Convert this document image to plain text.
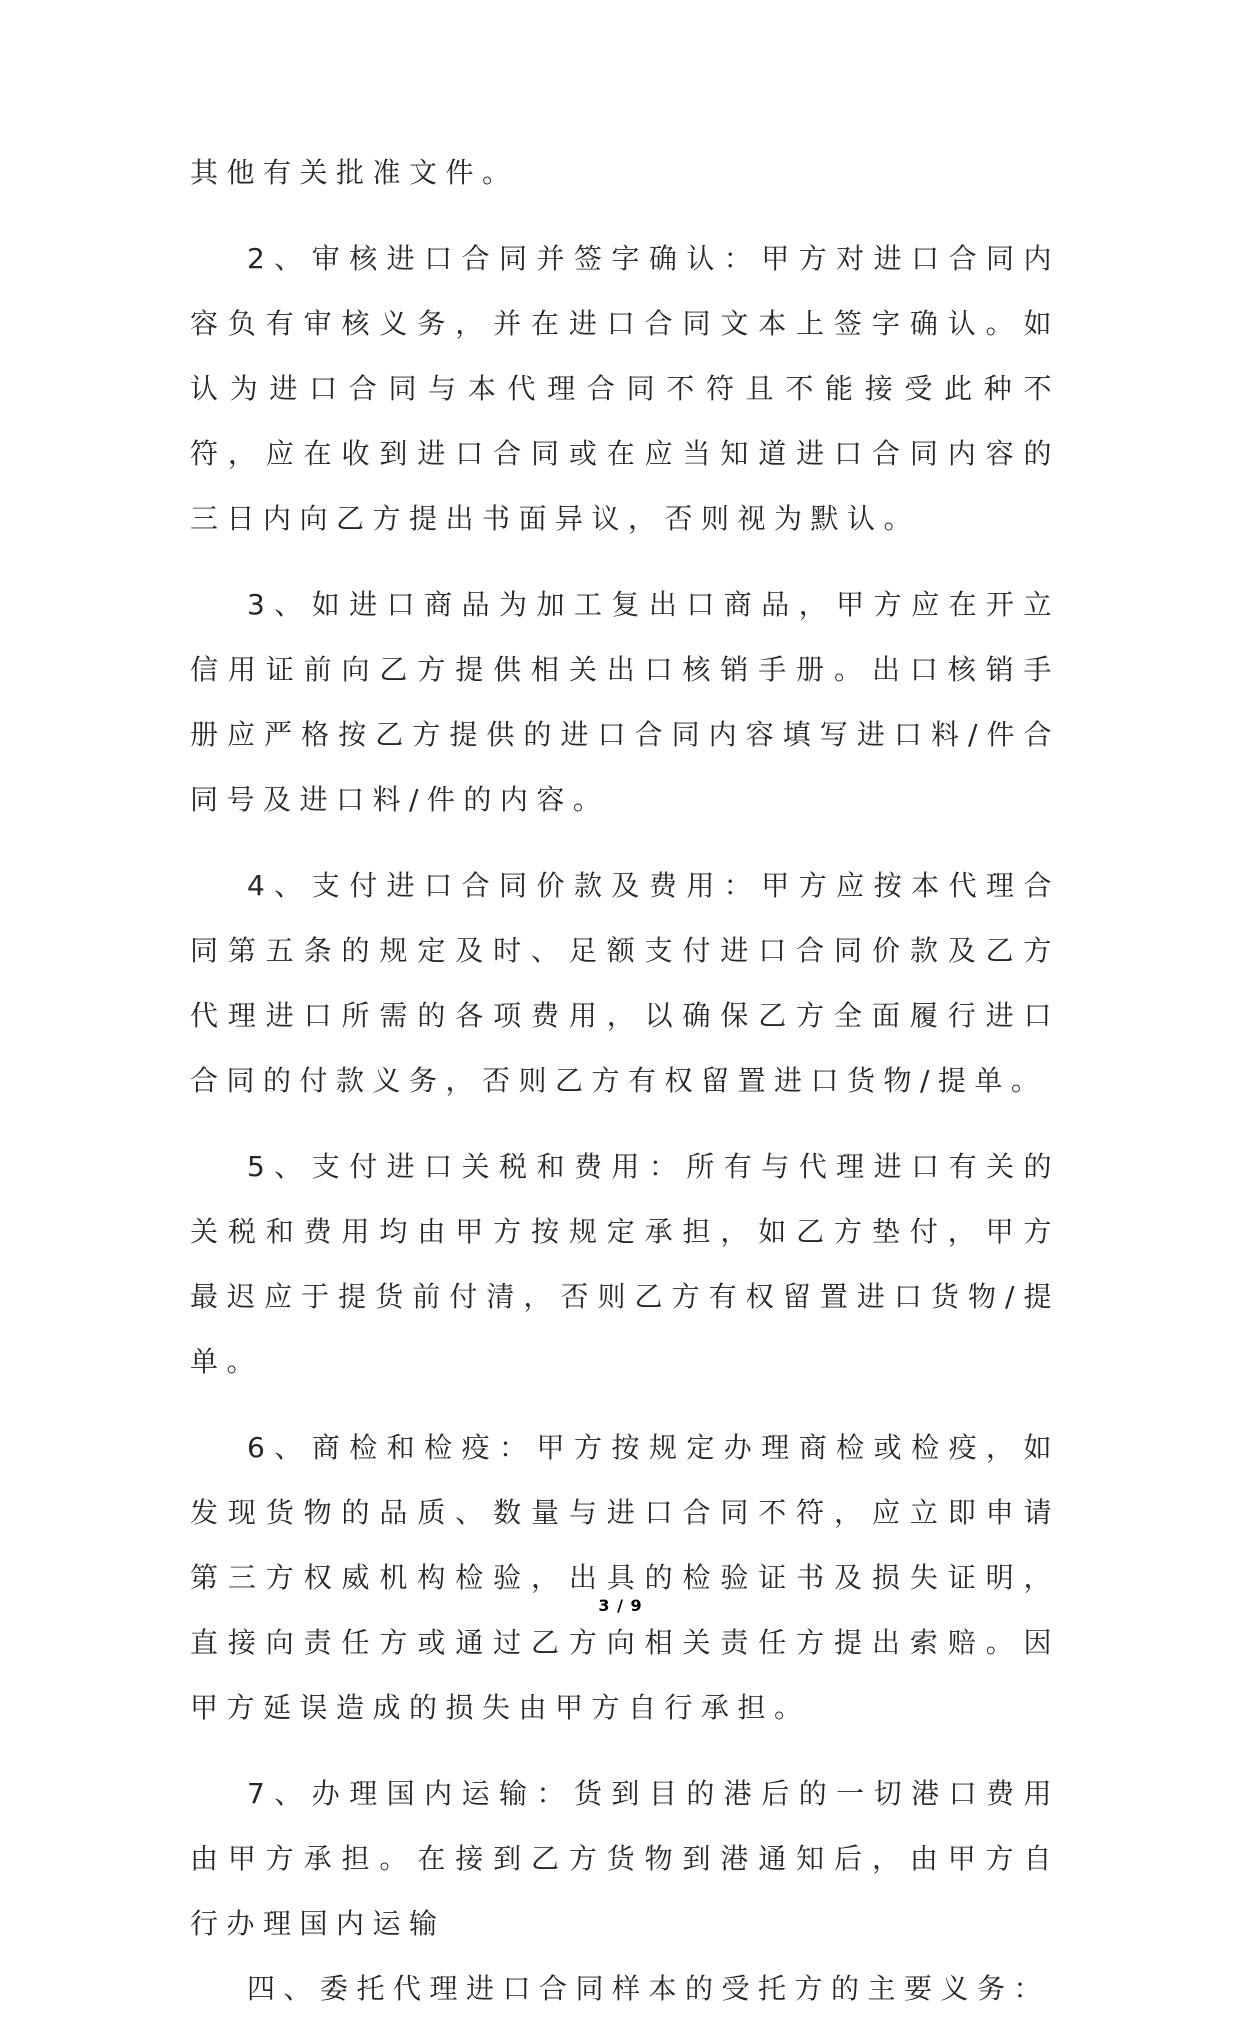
其他有关批准文件。

2、审核进口合同并签字确认：甲方对进口合同内容负有审核义务，并在进口合同文本上签字确认。如认为进口合同与本代理合同不符且不能接受此种不符，应在收到进口合同或在应当知道进口合同内容的三日内向乙方提出书面异议，否则视为默认。

3、如进口商品为加工复出口商品，甲方应在开立信用证前向乙方提供相关出口核销手册。出口核销手册应严格按乙方提供的进口合同内容填写进口料/件合同号及进口料/件的内容。

4、支付进口合同价款及费用：甲方应按本代理合同第五条的规定及时、足额支付进口合同价款及乙方代理进口所需的各项费用，以确保乙方全面履行进口合同的付款义务，否则乙方有权留置进口货物/提单。

5、支付进口关税和费用：所有与代理进口有关的关税和费用均由甲方按规定承担，如乙方垫付，甲方最迟应于提货前付清，否则乙方有权留置进口货物/提单。

6、商检和检疫：甲方按规定办理商检或检疫，如发现货物的品质、数量与进口合同不符，应立即申请第三方权威机构检验，出具的检验证书及损失证明，直接向责任方或通过乙方向相关责任方提出索赔。因甲方延误造成的损失由甲方自行承担。

7、办理国内运输：货到目的港后的一切港口费用由甲方承担。在接到乙方货物到港通知后，由甲方自行办理国内运输

四、委托代理进口合同样本的受托方的主要义务：

3 / 9
